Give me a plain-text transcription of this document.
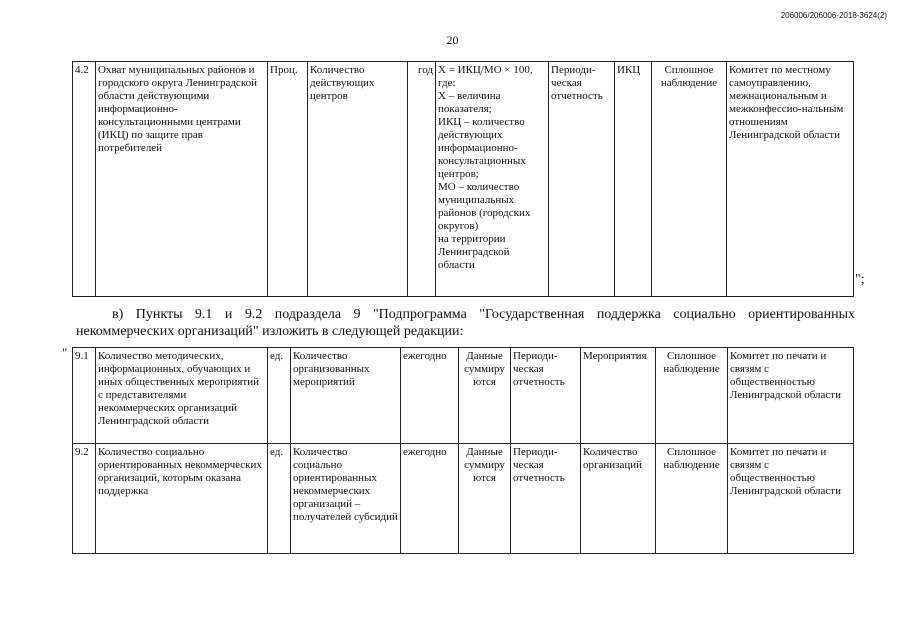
206006/206006-2018-3624(2)
20
4.2	Охват муниципальных районов и городского округа Ленинградской области действующими информационно-консультационными центрами (ИКЦ) по защите прав потребителей	Проц.	Количество действующих центров	год	X = ИКЦ/МО × 100, где:
X – величина показателя;
ИКЦ – количество действующих информационно-консультационных центров;
МО – количество муниципальных районов (городских округов)
на территории Ленинградской области	Периоди-ческая отчетность	ИКЦ	Сплошное наблюдение	Комитет по местному самоуправлению, межнациональным и межконфессио-нальным отношениям Ленинградской области
";
в) Пункты 9.1 и 9.2 подраздела 9 "Подпрограмма "Государственная поддержка социально ориентированных некоммерческих организаций" изложить в следующей редакции:
" 9.1	Количество методических, информационных, обучающих и иных общественных мероприятий с представителями некоммерческих организаций Ленинградской области	ед.	Количество организованных мероприятий	ежегодно	Данные суммируются	Периоди-ческая отчетность	Мероприятия	Сплошное наблюдение	Комитет по печати и связям с общественностью Ленинградской области
9.2	Количество социально ориентированных некоммерческих организаций, которым оказана поддержка	ед.	Количество социально ориентированных некоммерческих организаций – получателей субсидий	ежегодно	Данные суммируются	Периоди-ческая отчетность	Количество организаций	Сплошное наблюдение	Комитет по печати и связям с общественностью Ленинградской области
